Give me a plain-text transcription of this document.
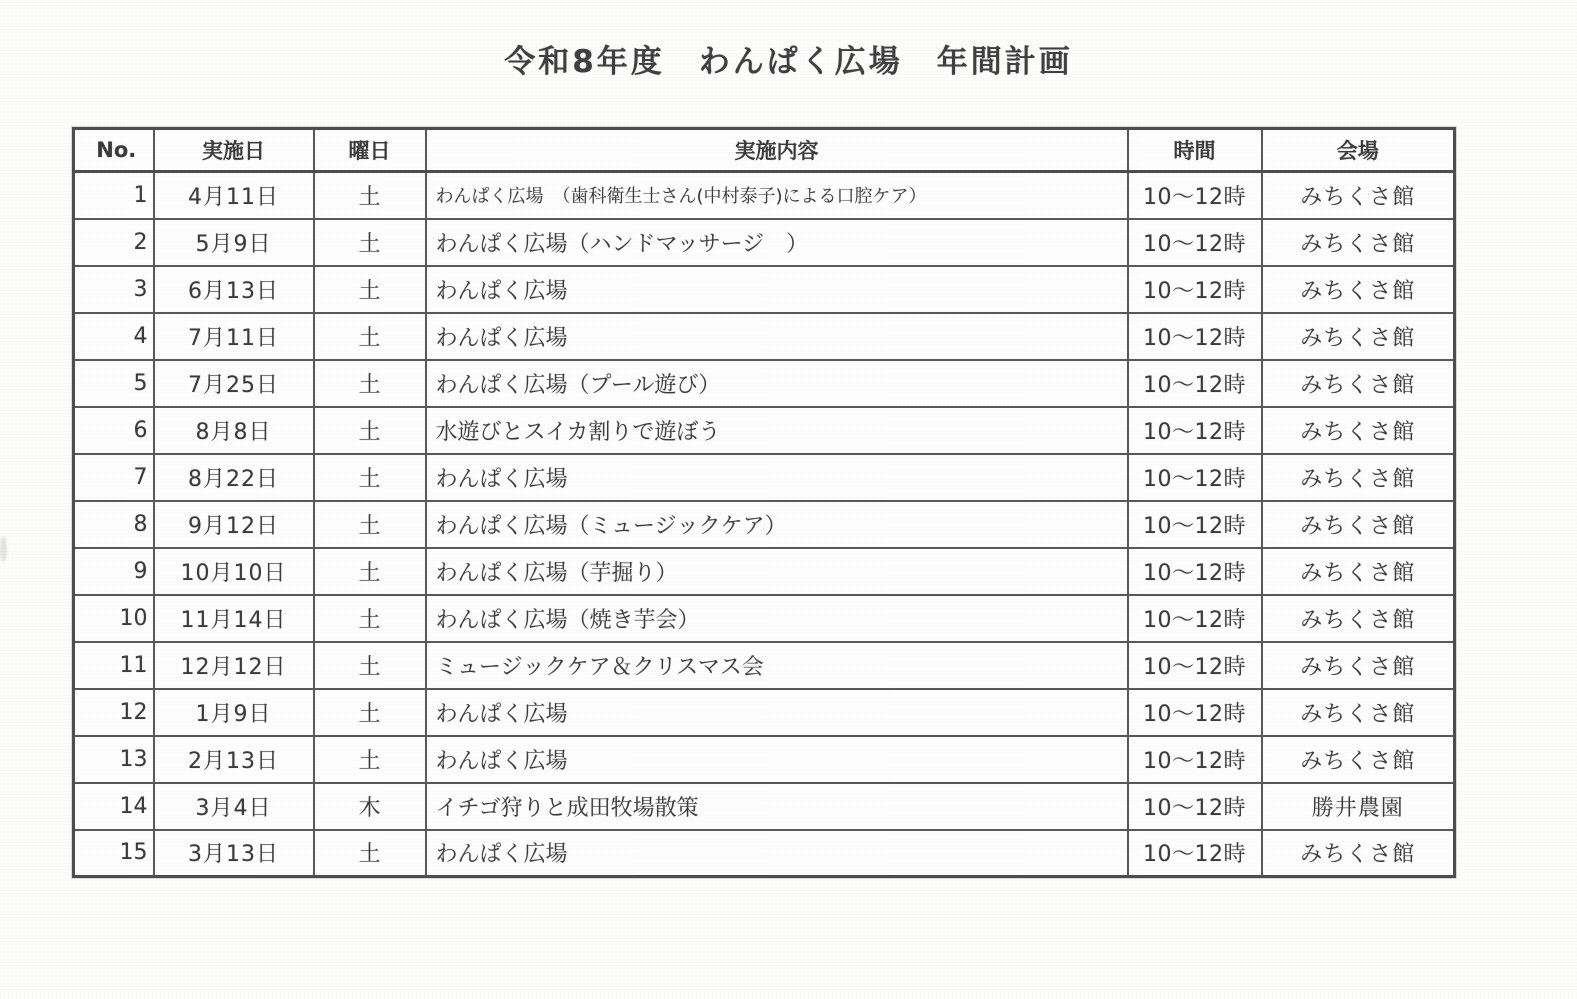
令和8年度　わんぱく広場　年間計画
No.	実施日	曜日	実施内容	時間	会場
1	4月11日	土	わんぱく広場　（歯科衛生士さん(中村泰子)による口腔ケア）	10～12時	みちくさ館
2	5月9日	土	わんぱく広場（ハンドマッサージ　）	10～12時	みちくさ館
3	6月13日	土	わんぱく広場	10～12時	みちくさ館
4	7月11日	土	わんぱく広場	10～12時	みちくさ館
5	7月25日	土	わんぱく広場（プール遊び）	10～12時	みちくさ館
6	8月8日	土	水遊びとスイカ割りで遊ぼう	10～12時	みちくさ館
7	8月22日	土	わんぱく広場	10～12時	みちくさ館
8	9月12日	土	わんぱく広場（ミュージックケア）	10～12時	みちくさ館
9	10月10日	土	わんぱく広場（芋掘り）	10～12時	みちくさ館
10	11月14日	土	わんぱく広場（焼き芋会）	10～12時	みちくさ館
11	12月12日	土	ミュージックケア＆クリスマス会	10～12時	みちくさ館
12	1月9日	土	わんぱく広場	10～12時	みちくさ館
13	2月13日	土	わんぱく広場	10～12時	みちくさ館
14	3月4日	木	イチゴ狩りと成田牧場散策	10～12時	勝井農園
15	3月13日	土	わんぱく広場	10～12時	みちくさ館
